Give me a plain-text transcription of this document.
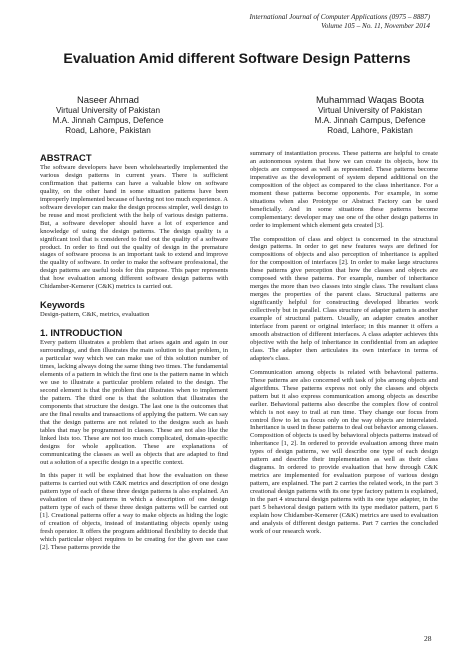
International Journal of Computer Applications (0975 – 8887)
Volume 105 – No. 11, November 2014
Evaluation Amid different Software Design Patterns
Naseer Ahmad
Virtual University of Pakistan
M.A. Jinnah Campus, Defence
Road, Lahore, Pakistan
Muhammad Waqas Boota
Virtual University of Pakistan
M.A. Jinnah Campus, Defence
Road, Lahore, Pakistan
ABSTRACT
The software developers have been wholeheartedly implemented the various design patterns in current years. There is sufficient confirmation that patterns can have a valuable blow on software quality, on the other hand in some situation patterns have been improperly implemented because of having not too much experience. A software developer can make the design process simpler, well design to be reuse and most proficient with the help of various design patterns. But, a software developer should have a lot of experience and knowledge of using the design patterns. The design quality is a significant tool that is considered to find out the quality of a software product. In order to find out the quality of design in the premature stages of software process is an important task to extend and improve the quality of software. In order to make the software professional, the design patterns are useful tools for this purpose. This paper represents that how evaluation among different software design patterns with Chidamber-Kemerer (C&K) metrics is carried out.
Keywords
Design-pattern, C&K, metrics, evaluation
1. INTRODUCTION
Every pattern illustrates a problem that arises again and again in our surroundings, and then illustrates the main solution to that problem, in a particular way which we can make use of this solution number of times, lacking always doing the same thing two times. The fundamental elements of a pattern in which the first one is the pattern name in which we use to illustrate a particular problem related to the design. The second element is that the problem that illustrates when to implement the pattern. The third one is that the solution that illustrates the components that structure the design. The last one is the outcomes that are the final results and transactions of applying the pattern. We can say that the design patterns are not related to the designs such as hash tables that may be programmed in classes. These are not also like the linked lists too. These are not too much complicated, domain-specific designs for whole application. These are explanations of communicating the classes as well as objects that are adapted to find out a solution of a specific design in a specific context.
In this paper it will be explained that how the evaluation on these patterns is carried out with C&K metrics and description of one design pattern type of each of these three design patterns is also explained. An evaluation of these patterns in which a description of one design pattern type of each of these three design patterns will be carried out [1]. Creational patterns offer a way to make objects as hiding the logic of creation of objects, instead of instantiating objects openly using fresh operator. It offers the program additional flexibility to decide that which particular object requires to be creating for the given use case [2]. These patterns provide the
summary of instantiation process. These patterns are helpful to create an autonomous system that how we can create its objects, how its objects are composed as well as represented. These patterns become imperative as the development of system depend additional on the composition of the object as compared to the class inheritance. For a moment these patterns become opponents. For example, in some situations when also Prototype or Abstract Factory can be used beneficially. And in some situations these patterns become complementary: developer may use one of the other design patterns in order to implement which element gets created [3].
The composition of class and object is concerned in the structural design patterns. In order to get new features ways are defined for compositions of objects and also perception of inheritance is applied for the composition of interfaces [2]. In order to make large structures these patterns give perception that how the classes and objects are composed with these patterns. For example, number of inheritance merges the more than two classes into single class. The resultant class merges the properties of the parent class. Structural patterns are significantly helpful for constructing developed libraries work collectively but in parallel. Class structure of adapter pattern is another example of structural pattern. Usually, an adapter creates another interface from parent or original interface; in this manner it offers a smooth abstraction of different interfaces. A class adapter achieves this objective with the help of inheritance in confidential from an adaptee class. The adapter then articulates its own interface in terms of adaptee's class.
Communication among objects is related with behavioral patterns. These patterns are also concerned with task of jobs among objects and algorithms. These patterns express not only the classes and objects pattern but it also express communication among objects as describe earlier. Behavioral patterns also describe the complex flow of control which is not easy to trail at run time. They change our focus from control flow to let us focus only on the way objects are interrelated. Inheritance is used in these patterns to deal out behavior among classes. Composition of objects is used by behavioral objects patterns instead of inheritance [1, 2]. In ordered to provide evaluation among three main types of design patterns, we will describe one type of each design pattern and describe their implementation as well as their class diagrams. In ordered to provide evaluation that how through C&K metrics are implemented for evaluation purpose of various design pattern, are explained. The part 2 carries the related work, in the part 3 creational design patterns with its one type factory pattern is explained, in the part 4 structural design patterns with its one type adapter, in the part 5 behavioral design pattern with its type mediator pattern, part 6 explain how Chidamber-Kemerer (C&K) metrics are used to evaluation and analysis of different design patterns. Part 7 carries the concluded work of our research work.
28
